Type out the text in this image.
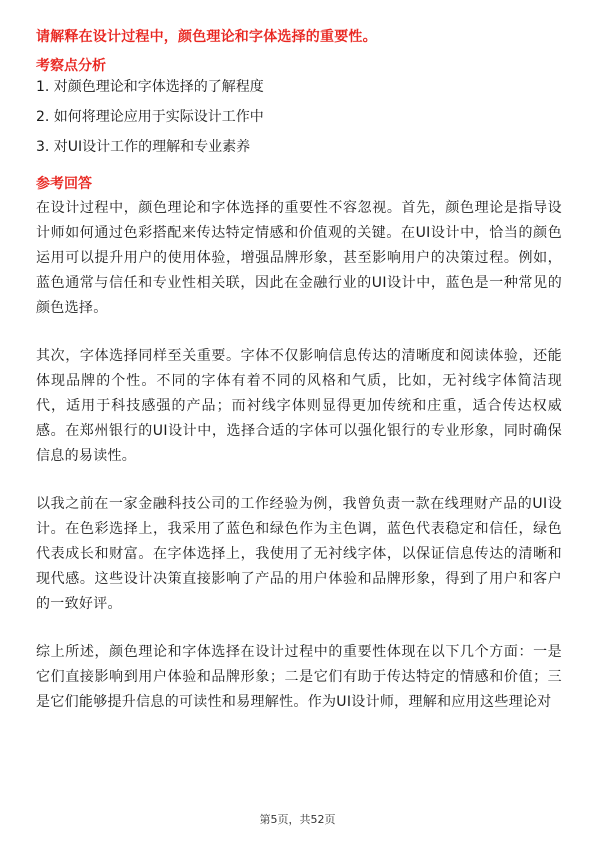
请解释在设计过程中，颜色理论和字体选择的重要性。
考察点分析
1. 对颜色理论和字体选择的了解程度
2. 如何将理论应用于实际设计工作中
3. 对UI设计工作的理解和专业素养
参考回答

在设计过程中，颜色理论和字体选择的重要性不容忽视。首先，颜色理论是指导设计师如何通过色彩搭配来传达特定情感和价值观的关键。在UI设计中，恰当的颜色运用可以提升用户的使用体验，增强品牌形象，甚至影响用户的决策过程。例如，蓝色通常与信任和专业性相关联，因此在金融行业的UI设计中，蓝色是一种常见的颜色选择。

其次，字体选择同样至关重要。字体不仅影响信息传达的清晰度和阅读体验，还能体现品牌的个性。不同的字体有着不同的风格和气质，比如，无衬线字体简洁现代，适用于科技感强的产品；而衬线字体则显得更加传统和庄重，适合传达权威感。在郑州银行的UI设计中，选择合适的字体可以强化银行的专业形象，同时确保信息的易读性。

以我之前在一家金融科技公司的工作经验为例，我曾负责一款在线理财产品的UI设计。在色彩选择上，我采用了蓝色和绿色作为主色调，蓝色代表稳定和信任，绿色代表成长和财富。在字体选择上，我使用了无衬线字体，以保证信息传达的清晰和现代感。这些设计决策直接影响了产品的用户体验和品牌形象，得到了用户和客户的一致好评。

综上所述，颜色理论和字体选择在设计过程中的重要性体现在以下几个方面：一是它们直接影响到用户体验和品牌形象；二是它们有助于传达特定的情感和价值；三是它们能够提升信息的可读性和易理解性。作为UI设计师，理解和应用这些理论对

第5页，共52页
